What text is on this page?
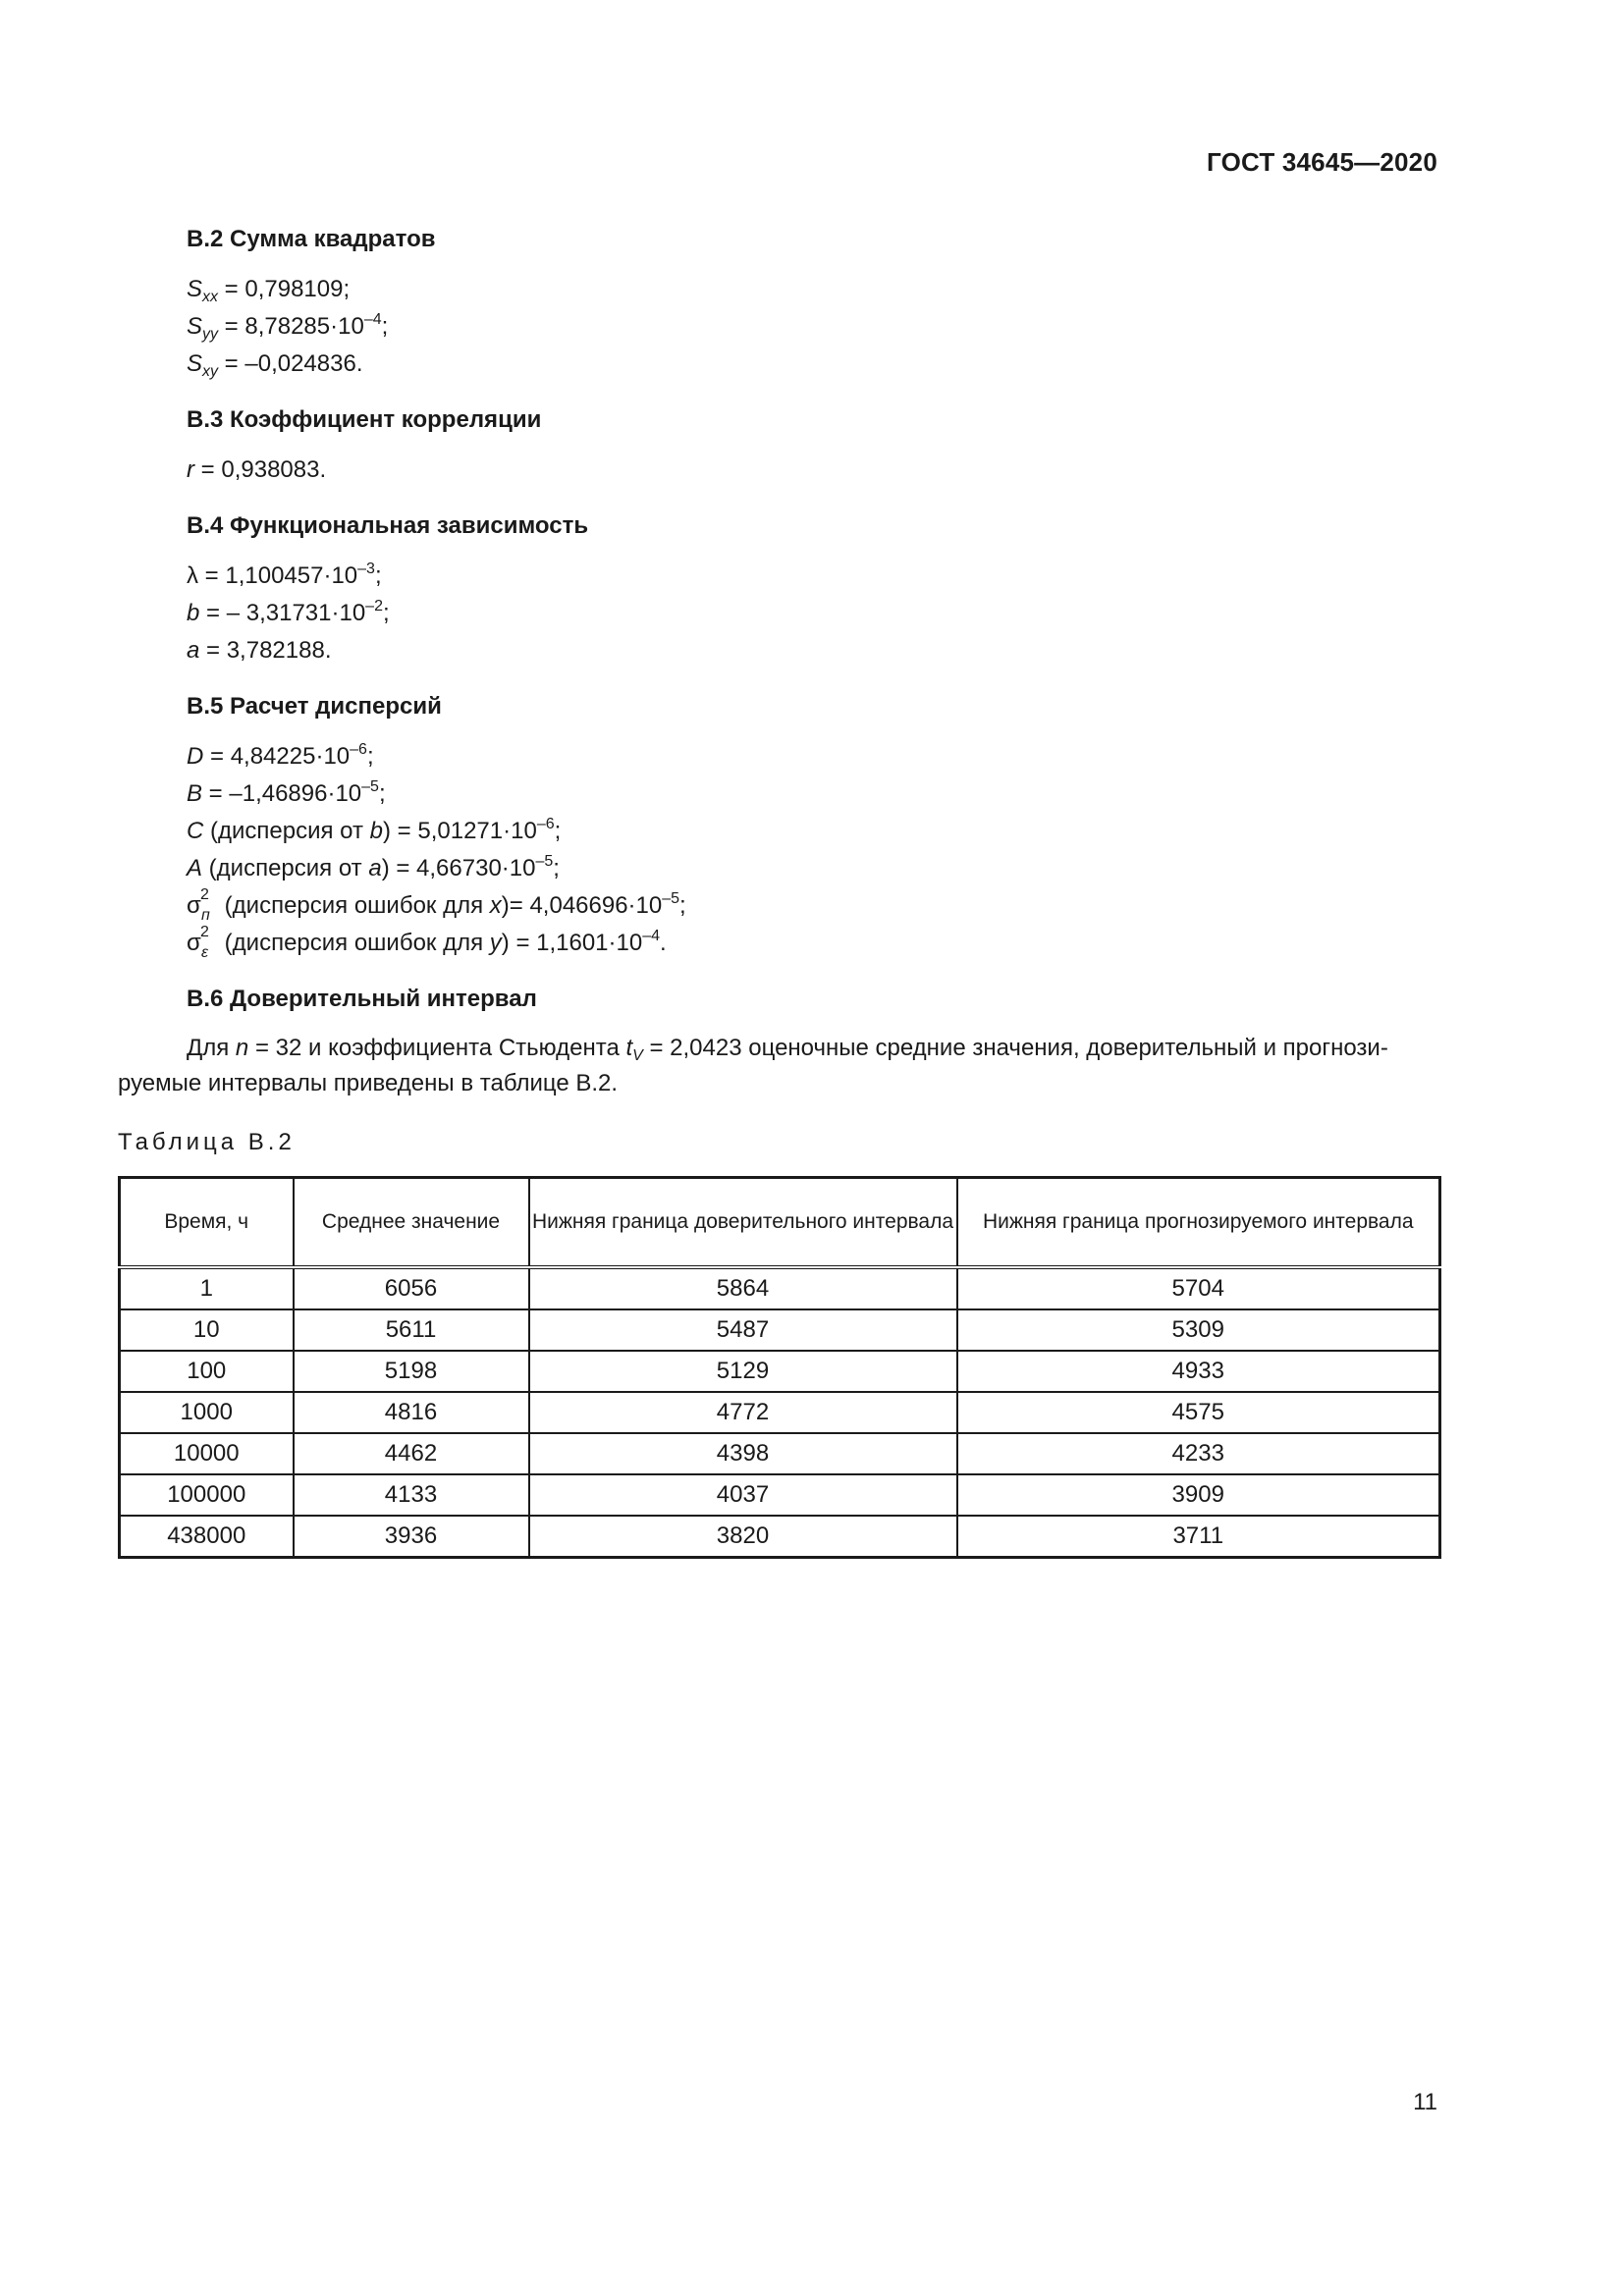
ГОСТ 34645—2020
В.2 Сумма квадратов
$S_{xx} = 0,798109$;
$S_{yy} = 8,78285\cdot 10^{-4}$;
$S_{xy} = -0,024836$.
В.3 Коэффициент корреляции
r = 0,938083.
В.4 Функциональная зависимость
$\lambda = 1,100457\cdot 10^{-3}$;
b = – $3,31731\cdot 10^{-2}$;
a = 3,782188.
В.5 Расчет дисперсий
$D = 4,84225\cdot 10^{-6}$;
$B = -1,46896\cdot 10^{-5}$;
C (дисперсия от $b) = 5,01271\cdot 10^{-6}$;
A (дисперсия от $a) = 4,66730\cdot 10^{-5}$;
σ 2
п (дисперсия ошибок для $x)= 4,046696\cdot 10^{-5}$;
σ 2
ε (дисперсия ошибок для $y) = 1,1601\cdot 10^{-4}$.
В.6 Доверительный интервал

Для n = 32 и коэффициента Стьюдента $t_V = 2,0423$ оценочные средние значения, доверительный и прогнози-руемые интервалы приведены в таблице В.2.

Таблица В.2
Время, ч	Среднее значение	Нижняя граница доверительного интервала	Нижняя граница прогнозируемого интервала
1	6056	5864	5704
10	5611	5487	5309
100	5198	5129	4933
1000	4816	4772	4575
10000	4462	4398	4233
100000	4133	4037	3909
438000	3936	3820	3711
11
